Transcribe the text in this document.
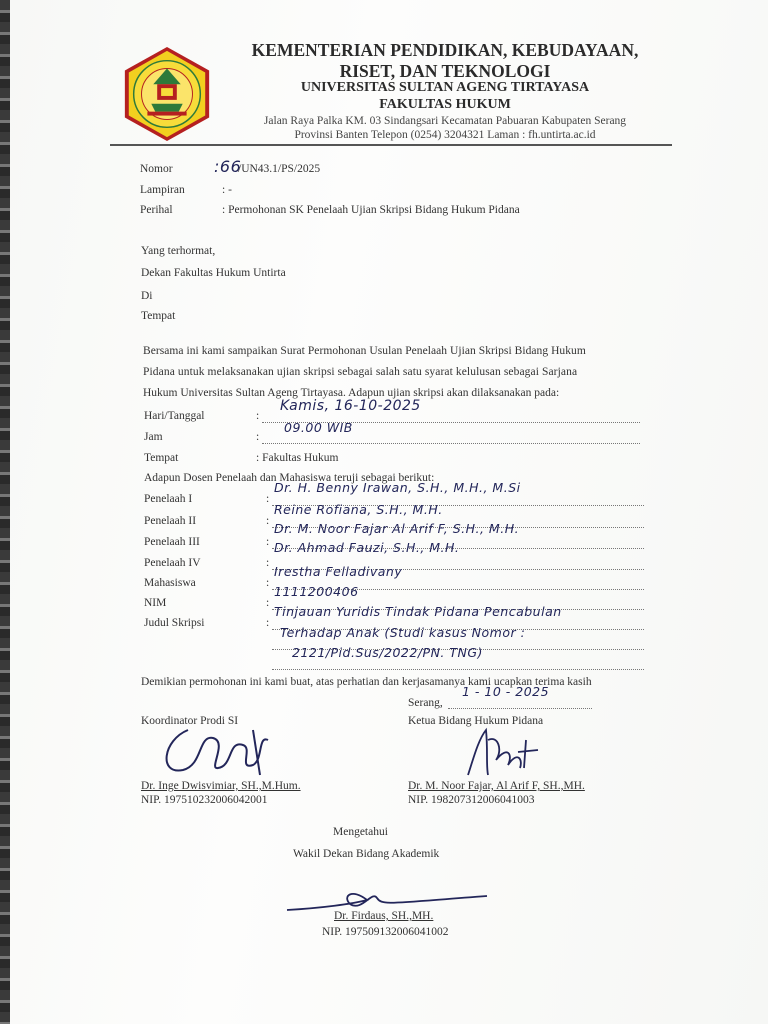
KEMENTERIAN PENDIDIKAN, KEBUDAYAAN,
RISET, DAN TEKNOLOGI
UNIVERSITAS SULTAN AGENG TIRTAYASA
FAKULTAS HUKUM
Jalan Raya Palka KM. 03 Sindangsari Kecamatan Pabuaran Kabupaten Serang
Provinsi Banten Telepon (0254) 3204321 Laman : fh.untirta.ac.id
Nomor	:66
/UN43.1/PS/2025
Lampiran	: -
Perihal	: Permohonan SK Penelaah Ujian Skripsi Bidang Hukum Pidana
Yang terhormat,
Dekan Fakultas Hukum Untirta
Di
Tempat
Bersama ini kami sampaikan Surat Permohonan Usulan Penelaah Ujian Skripsi Bidang Hukum
Pidana untuk melaksanakan ujian skripsi sebagai salah satu syarat kelulusan sebagai Sarjana
Hukum Universitas Sultan Ageng Tirtayasa. Adapun ujian skripsi akan dilaksanakan pada:
Hari/Tanggal	:
Kamis, 16-10-2025
Jam	:
09.00 WIB
Tempat	: Fakultas Hukum
Adapun Dosen Penelaah dan Mahasiswa teruji sebagai berikut:
Penelaah I	:
Dr. H. Benny Irawan, S.H., M.H., M.Si
Penelaah II	:
Reine Rofiana, S.H., M.H.
Penelaah III	:
Dr. M. Noor Fajar Al Arif F, S.H., M.H.
Penelaah IV	:
Dr. Ahmad Fauzi, S.H., M.H.
Mahasiswa	:
Irestha Felladivany
NIM	:
1111200406
Judul Skripsi	:
Tinjauan Yuridis Tindak Pidana Pencabulan
Terhadap Anak (Studi kasus Nomor :
2121/Pid.Sus/2022/PN. TNG)
Demikian permohonan ini kami buat, atas perhatian dan kerjasamanya kami ucapkan terima kasih
Serang,
1 - 10 - 2025
Koordinator Prodi SI
Dr. Inge Dwisvimiar, SH.,M.Hum.
NIP. 197510232006042001
Ketua Bidang Hukum Pidana
Dr. M. Noor Fajar, Al Arif F, SH.,MH.
NIP. 198207312006041003
Mengetahui
Wakil Dekan Bidang Akademik
Dr. Firdaus, SH.,MH.
NIP. 197509132006041002
